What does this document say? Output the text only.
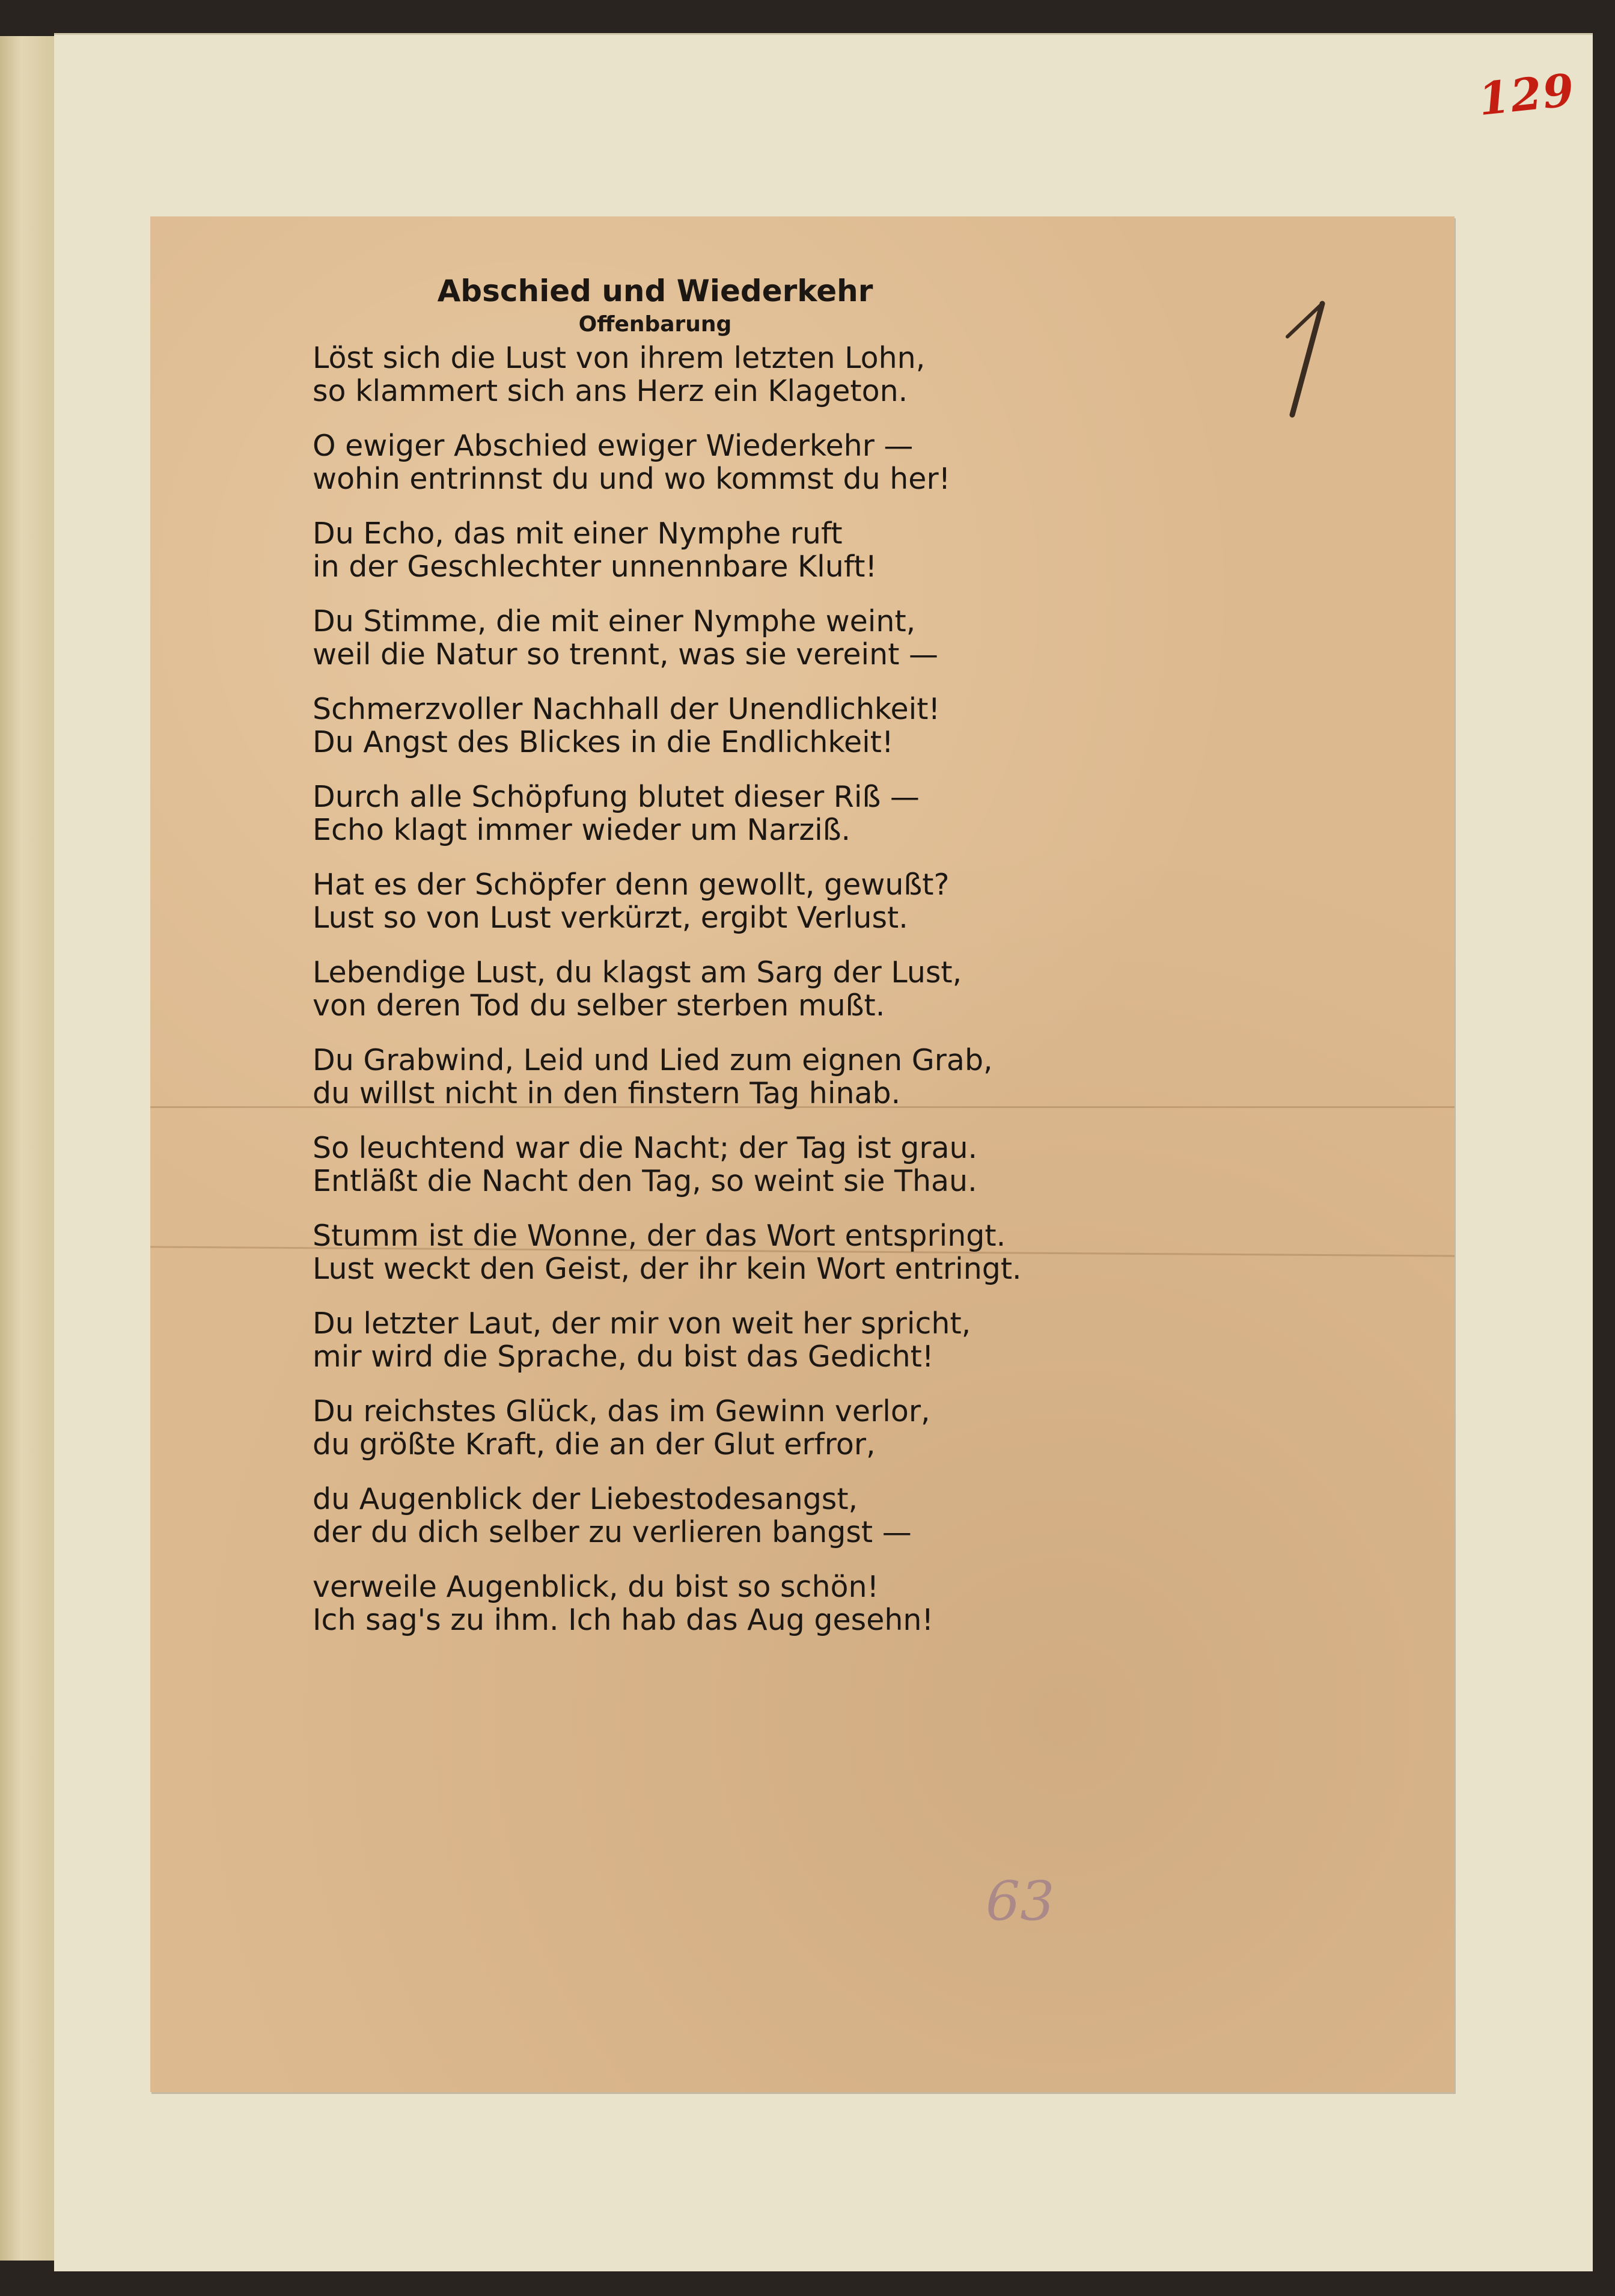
129
63
Abschied und Wiederkehr
Offenbarung
Löst sich die Lust von ihrem letzten Lohn,
so klammert sich ans Herz ein Klageton.
O ewiger Abschied ewiger Wiederkehr —
wohin entrinnst du und wo kommst du her!
Du Echo, das mit einer Nymphe ruft
in der Geschlechter unnennbare Kluft!
Du Stimme, die mit einer Nymphe weint,
weil die Natur so trennt, was sie vereint —
Schmerzvoller Nachhall der Unendlichkeit!
Du Angst des Blickes in die Endlichkeit!
Durch alle Schöpfung blutet dieser Riß —
Echo klagt immer wieder um Narziß.
Hat es der Schöpfer denn gewollt, gewußt?
Lust so von Lust verkürzt, ergibt Verlust.
Lebendige Lust, du klagst am Sarg der Lust,
von deren Tod du selber sterben mußt.
Du Grabwind, Leid und Lied zum eignen Grab,
du willst nicht in den finstern Tag hinab.
So leuchtend war die Nacht; der Tag ist grau.
Entläßt die Nacht den Tag, so weint sie Thau.
Stumm ist die Wonne, der das Wort entspringt.
Lust weckt den Geist, der ihr kein Wort entringt.
Du letzter Laut, der mir von weit her spricht,
mir wird die Sprache, du bist das Gedicht!
Du reichstes Glück, das im Gewinn verlor,
du größte Kraft, die an der Glut erfror,
du Augenblick der Liebestodesangst,
der du dich selber zu verlieren bangst —
verweile Augenblick, du bist so schön!
Ich sag's zu ihm. Ich hab das Aug gesehn!
